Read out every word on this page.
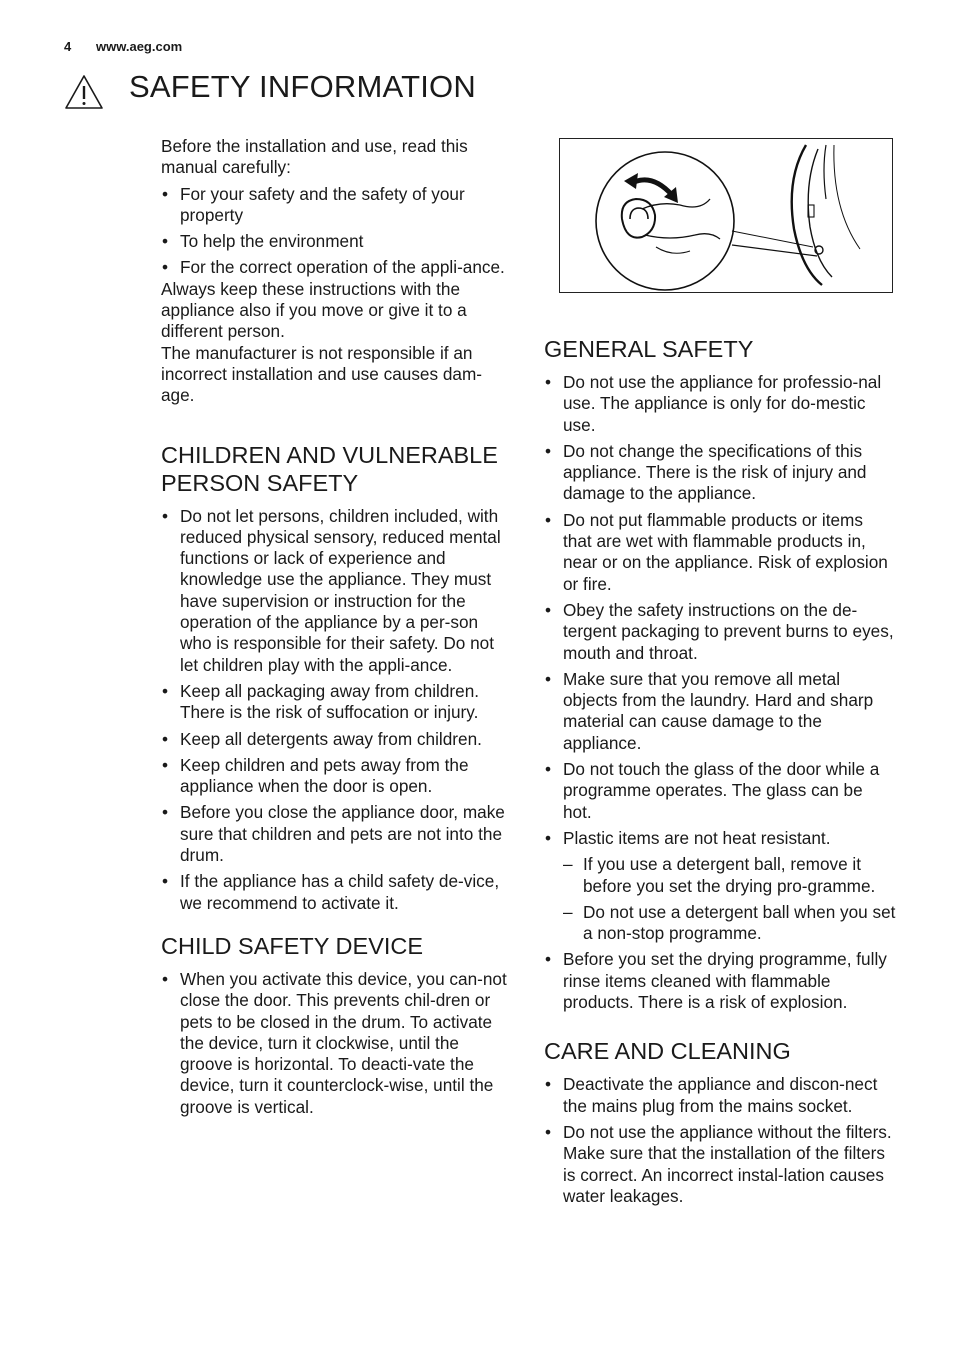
4 www.aeg.com
SAFETY INFORMATION

Before the installation and use, read this manual carefully:

• For your safety and the safety of your property
• To help the environment
• For the correct operation of the appli-ance.

Always keep these instructions with the appliance also if you move or give it to a different person.

The manufacturer is not responsible if an incorrect installation and use causes dam-age.

CHILDREN AND VULNERABLE PERSON SAFETY
• Do not let persons, children included, with reduced physical sensory, reduced mental functions or lack of experience and knowledge use the appliance. They must have supervision or instruction for the operation of the appliance by a per-son who is responsible for their safety. Do not let children play with the appli-ance.
• Keep all packaging away from children. There is the risk of suffocation or injury.
• Keep all detergents away from children.
• Keep children and pets away from the appliance when the door is open.
• Before you close the appliance door, make sure that children and pets are not into the drum.
• If the appliance has a child safety de-vice, we recommend to activate it.
CHILD SAFETY DEVICE
• When you activate this device, you can-not close the door. This prevents chil-dren or pets to be closed in the drum. To activate the device, turn it clockwise, until the groove is horizontal. To deacti-vate the device, turn it counterclock-wise, until the groove is vertical.
GENERAL SAFETY
• Do not use the appliance for professio-nal use. The appliance is only for do-mestic use.
• Do not change the specifications of this appliance. There is the risk of injury and damage to the appliance.
• Do not put flammable products or items that are wet with flammable products in, near or on the appliance. Risk of explosion or fire.
• Obey the safety instructions on the de-tergent packaging to prevent burns to eyes, mouth and throat.
• Make sure that you remove all metal objects from the laundry. Hard and sharp material can cause damage to the appliance.
• Do not touch the glass of the door while a programme operates. The glass can be hot.
• Plastic items are not heat resistant.
– If you use a detergent ball, remove it before you set the drying pro-gramme.
– Do not use a detergent ball when you set a non-stop programme.
• Before you set the drying programme, fully rinse items cleaned with flammable products. There is a risk of explosion.
CARE AND CLEANING
• Deactivate the appliance and discon-nect the mains plug from the mains socket.
• Do not use the appliance without the filters. Make sure that the installation of the filters is correct. An incorrect instal-lation causes water leakages.
